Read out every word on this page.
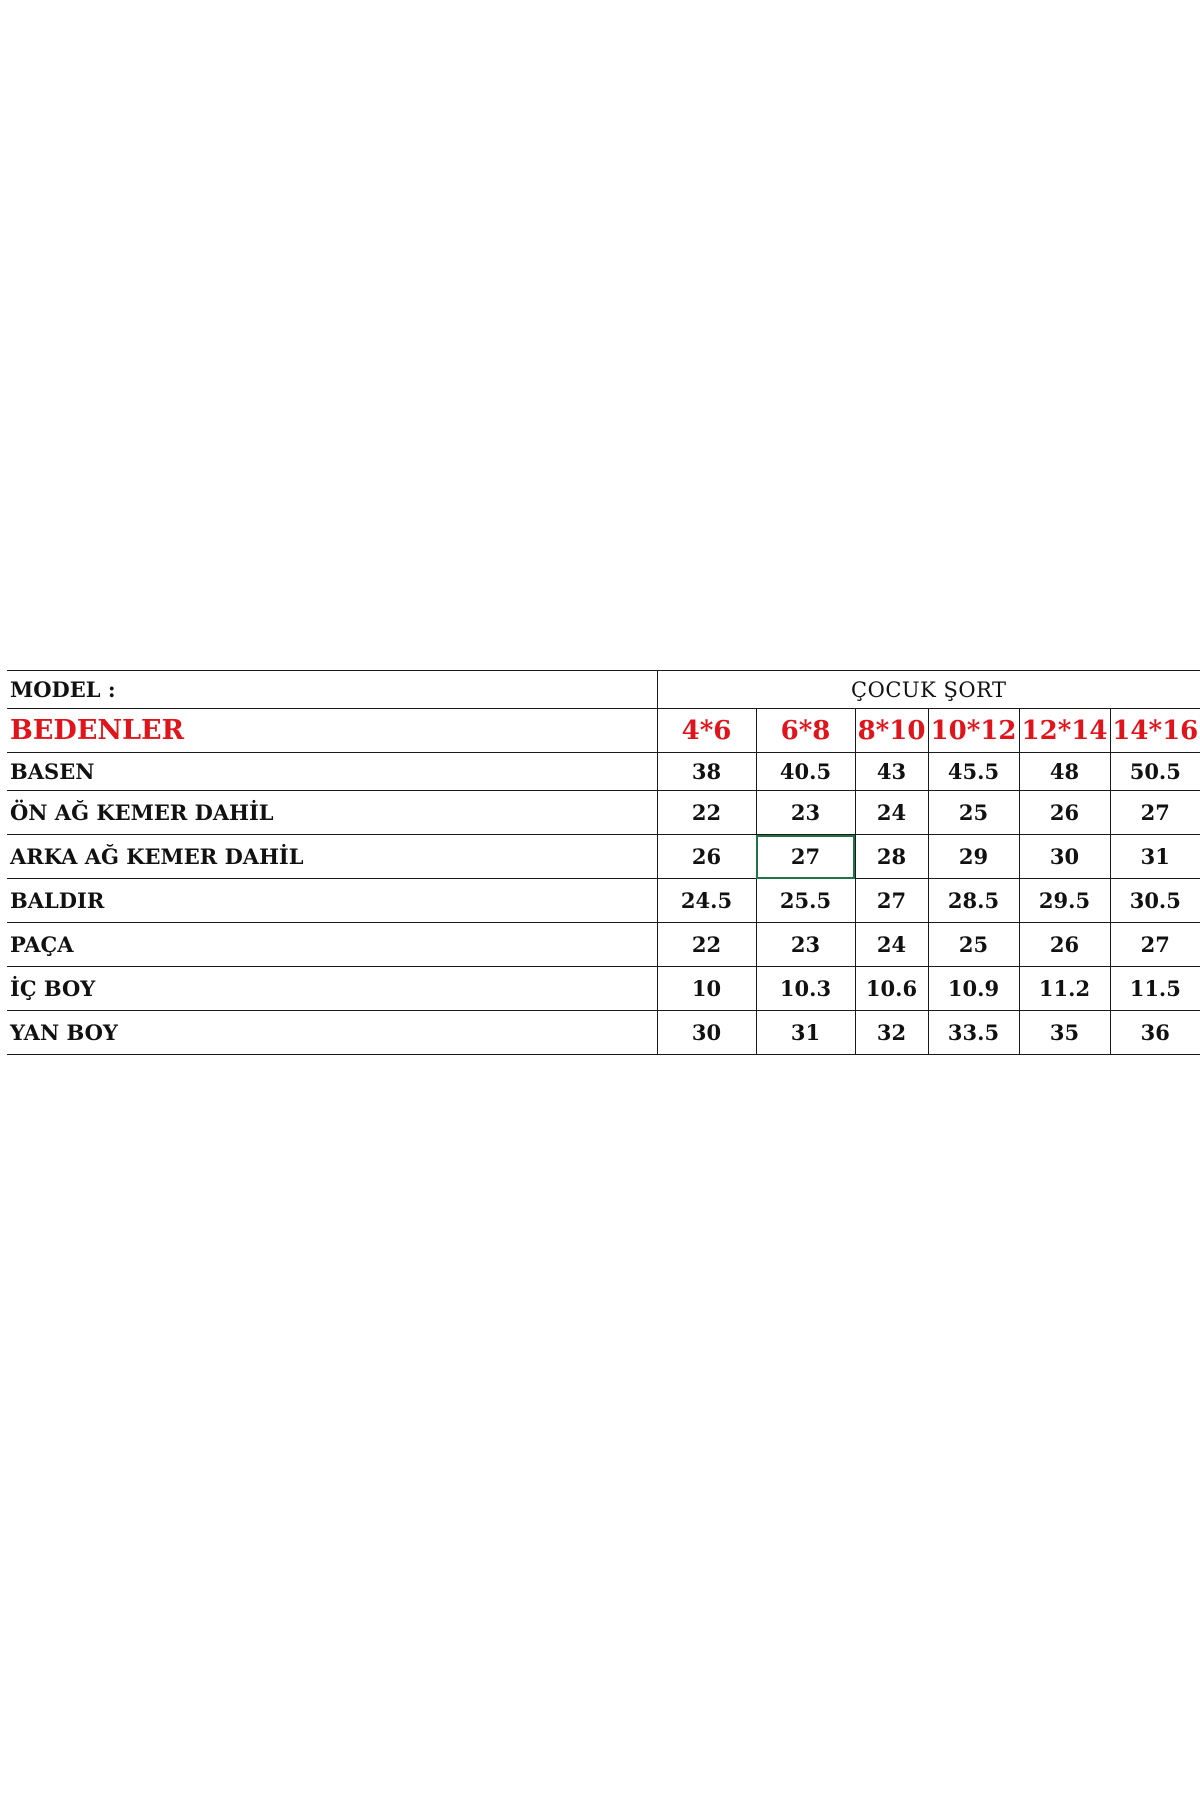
MODEL :	ÇOCUK ŞORT					
BEDENLER	4*6	6*8	8*10	10*12	12*14	14*16
BASEN	38	40.5	43	45.5	48	50.5
ÖN AĞ KEMER DAHİL	22	23	24	25	26	27
ARKA AĞ KEMER DAHİL	26	27	28	29	30	31
BALDIR	24.5	25.5	27	28.5	29.5	30.5
PAÇA	22	23	24	25	26	27
İÇ BOY	10	10.3	10.6	10.9	11.2	11.5
YAN BOY	30	31	32	33.5	35	36
